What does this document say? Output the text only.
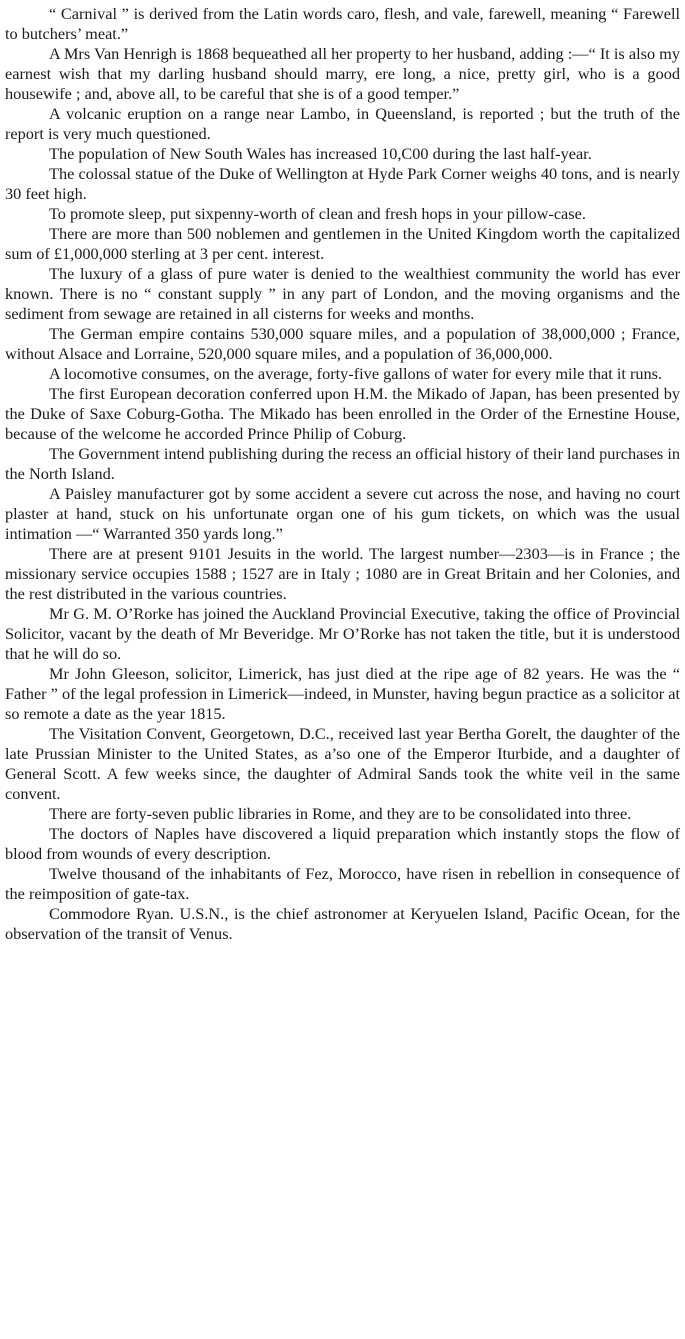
“ Carnival ” is derived from the Latin words caro, flesh, and vale, farewell, meaning “ Farewell to butchers’ meat.”

A Mrs Van Henrigh is 1868 bequeathed all her property to her husband, adding :—“ It is also my earnest wish that my darling husband should marry, ere long, a nice, pretty girl, who is a good housewife ; and, above all, to be careful that she is of a good temper.”

A volcanic eruption on a range near Lambo, in Queensland, is reported ; but the truth of the report is very much questioned.

The population of New South Wales has increased 10,C00 during the last half-year.

The colossal statue of the Duke of Wellington at Hyde Park Corner weighs 40 tons, and is nearly 30 feet high.

To promote sleep, put sixpenny-worth of clean and fresh hops in your pillow-case.

There are more than 500 noblemen and gentlemen in the United Kingdom worth the capitalized sum of £1,000,000 sterling at 3 per cent. interest.

The luxury of a glass of pure water is denied to the wealthiest community the world has ever known. There is no “ constant supply ” in any part of London, and the moving organisms and the sediment from sewage are retained in all cisterns for weeks and months.

The German empire contains 530,000 square miles, and a population of 38,000,000 ; France, without Alsace and Lorraine, 520,000 square miles, and a population of 36,000,000.

A locomotive consumes, on the average, forty-five gallons of water for every mile that it runs.

The first European decoration conferred upon H.M. the Mikado of Japan, has been presented by the Duke of Saxe Coburg-Gotha. The Mikado has been enrolled in the Order of the Ernestine House, because of the welcome he accorded Prince Philip of Coburg.

The Government intend publishing during the recess an official history of their land purchases in the North Island.

A Paisley manufacturer got by some accident a severe cut across the nose, and having no court plaster at hand, stuck on his unfortunate organ one of his gum tickets, on which was the usual intimation —“ Warranted 350 yards long.”

There are at present 9101 Jesuits in the world. The largest number—2303—is in France ; the missionary service occupies 1588 ; 1527 are in Italy ; 1080 are in Great Britain and her Colonies, and the rest distributed in the various countries.

Mr G. M. O’Rorke has joined the Auckland Provincial Executive, taking the office of Provincial Solicitor, vacant by the death of Mr Beveridge. Mr O’Rorke has not taken the title, but it is understood that he will do so.

Mr John Gleeson, solicitor, Limerick, has just died at the ripe age of 82 years. He was the “ Father ” of the legal profession in Limerick—indeed, in Munster, having begun practice as a solicitor at so remote a date as the year 1815.

The Visitation Convent, Georgetown, D.C., received last year Bertha Gorelt, the daughter of the late Prussian Minister to the United States, as a’so one of the Emperor Iturbide, and a daughter of General Scott. A few weeks since, the daughter of Admiral Sands took the white veil in the same convent.

There are forty-seven public libraries in Rome, and they are to be consolidated into three.

The doctors of Naples have discovered a liquid preparation which instantly stops the flow of blood from wounds of every description.

Twelve thousand of the inhabitants of Fez, Morocco, have risen in rebellion in consequence of the reimposition of gate-tax.

Commodore Ryan. U.S.N., is the chief astronomer at Keryuelen Island, Pacific Ocean, for the observation of the transit of Venus.
